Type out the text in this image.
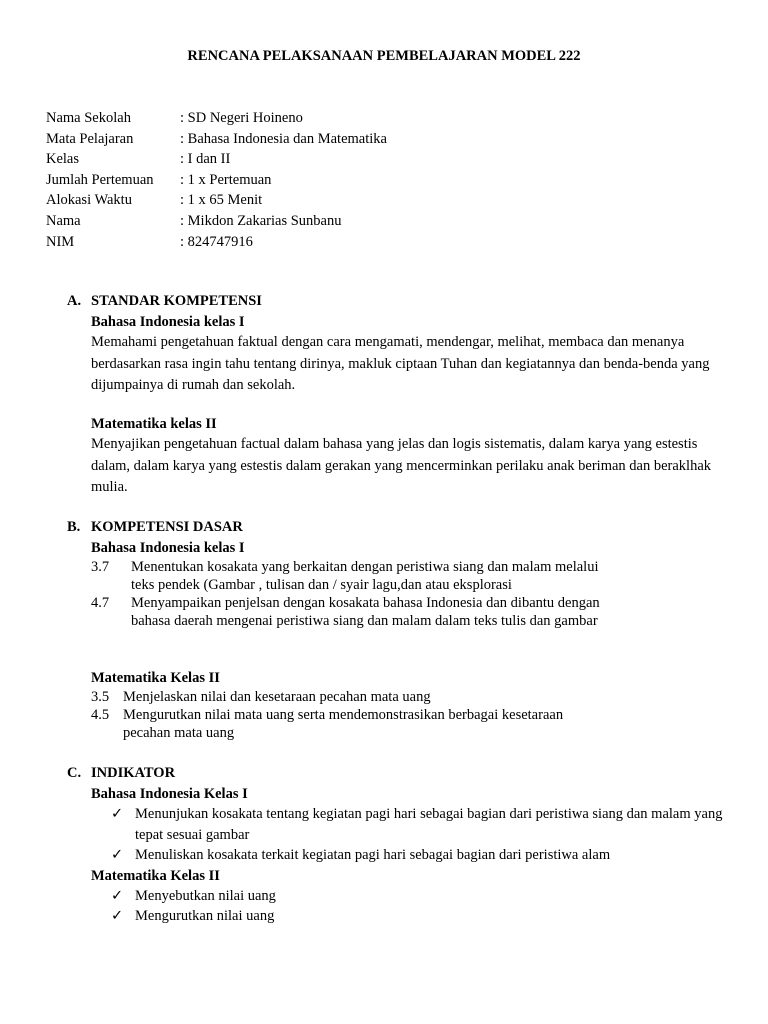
RENCANA PELAKSANAAN PEMBELAJARAN MODEL 222
Nama Sekolah	: SD Negeri Hoineno
Mata Pelajaran	: Bahasa Indonesia dan Matematika
Kelas	: I dan II
Jumlah Pertemuan : 1 x Pertemuan
Alokasi Waktu	: 1 x 65 Menit
Nama	: Mikdon Zakarias Sunbanu
NIM	: 824747916
A. STANDAR KOMPETENSI
Bahasa Indonesia kelas I
Memahami pengetahuan faktual dengan cara mengamati, mendengar, melihat, membaca dan menanya berdasarkan rasa ingin tahu tentang dirinya, makluk ciptaan Tuhan dan kegiatannya dan benda-benda yang dijumpainya di rumah dan sekolah.
Matematika kelas II
Menyajikan pengetahuan factual dalam bahasa yang jelas dan logis sistematis, dalam karya yang estestis dalam, dalam karya yang estestis dalam gerakan yang mencerminkan perilaku anak beriman dan beraklhak mulia.
B. KOMPETENSI DASAR
Bahasa Indonesia kelas I
3.7 Menentukan kosakata yang berkaitan dengan peristiwa siang dan malam melalui teks pendek (Gambar , tulisan dan / syair lagu,dan atau eksplorasi
4.7 Menyampaikan penjelsan dengan kosakata bahasa Indonesia dan dibantu dengan bahasa daerah mengenai peristiwa siang dan malam dalam teks tulis dan gambar
Matematika Kelas II
3.5 Menjelaskan nilai dan kesetaraan pecahan mata uang
4.5 Mengurutkan nilai mata uang serta mendemonstrasikan berbagai kesetaraan pecahan mata uang
C. INDIKATOR
Bahasa Indonesia Kelas I
✓ Menunjukan kosakata tentang kegiatan pagi hari sebagai bagian dari peristiwa siang dan malam yang tepat sesuai gambar
✓ Menuliskan kosakata terkait kegiatan pagi hari sebagai bagian dari peristiwa alam
Matematika Kelas II
✓ Menyebutkan nilai uang
✓ Mengurutkan nilai uang
